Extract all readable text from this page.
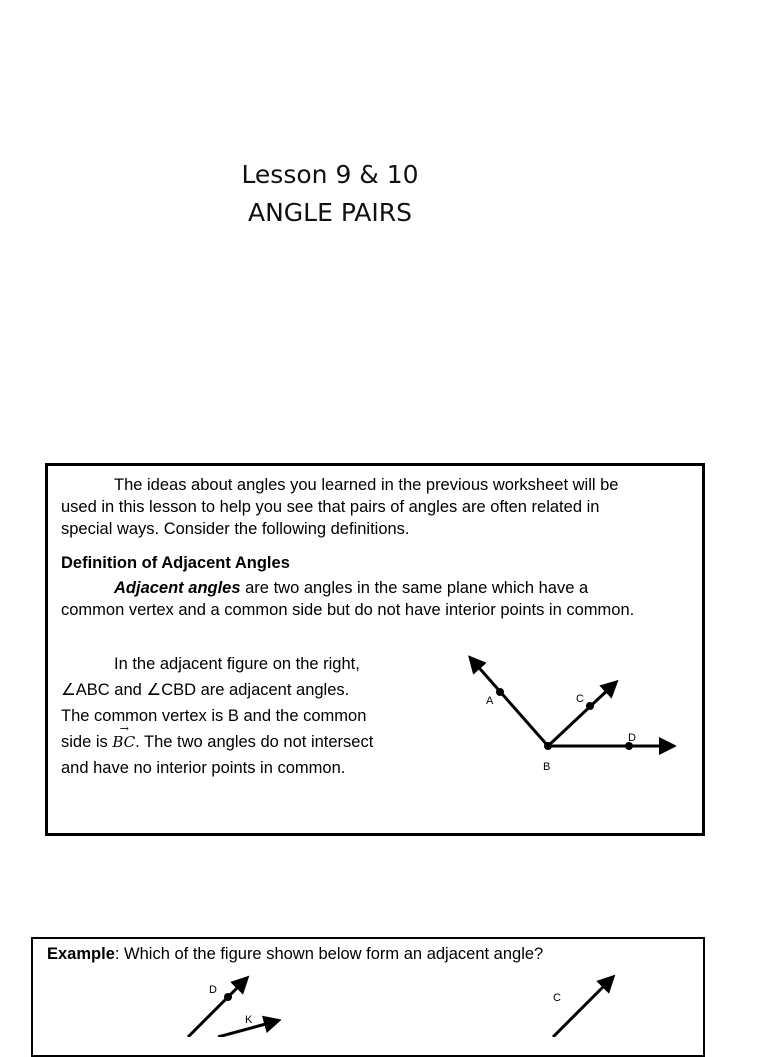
Lesson 9 & 10
ANGLE PAIRS
The ideas about angles you learned in the previous worksheet will be
used in this lesson to help you see that pairs of angles are often related in
special ways. Consider the following definitions.
Definition of Adjacent Angles
Adjacent angles are two angles in the same plane which have a
common vertex and a common side but do not have interior points in common.
In the adjacent figure on the right,
∠ABC and ∠CBD are adjacent angles.
The common vertex is B and the common
side is → BC. The two angles do not intersect
and have no interior points in common.
A	C
D
B
Example: Which of the figure shown below form an adjacent angle?
D
K
C
